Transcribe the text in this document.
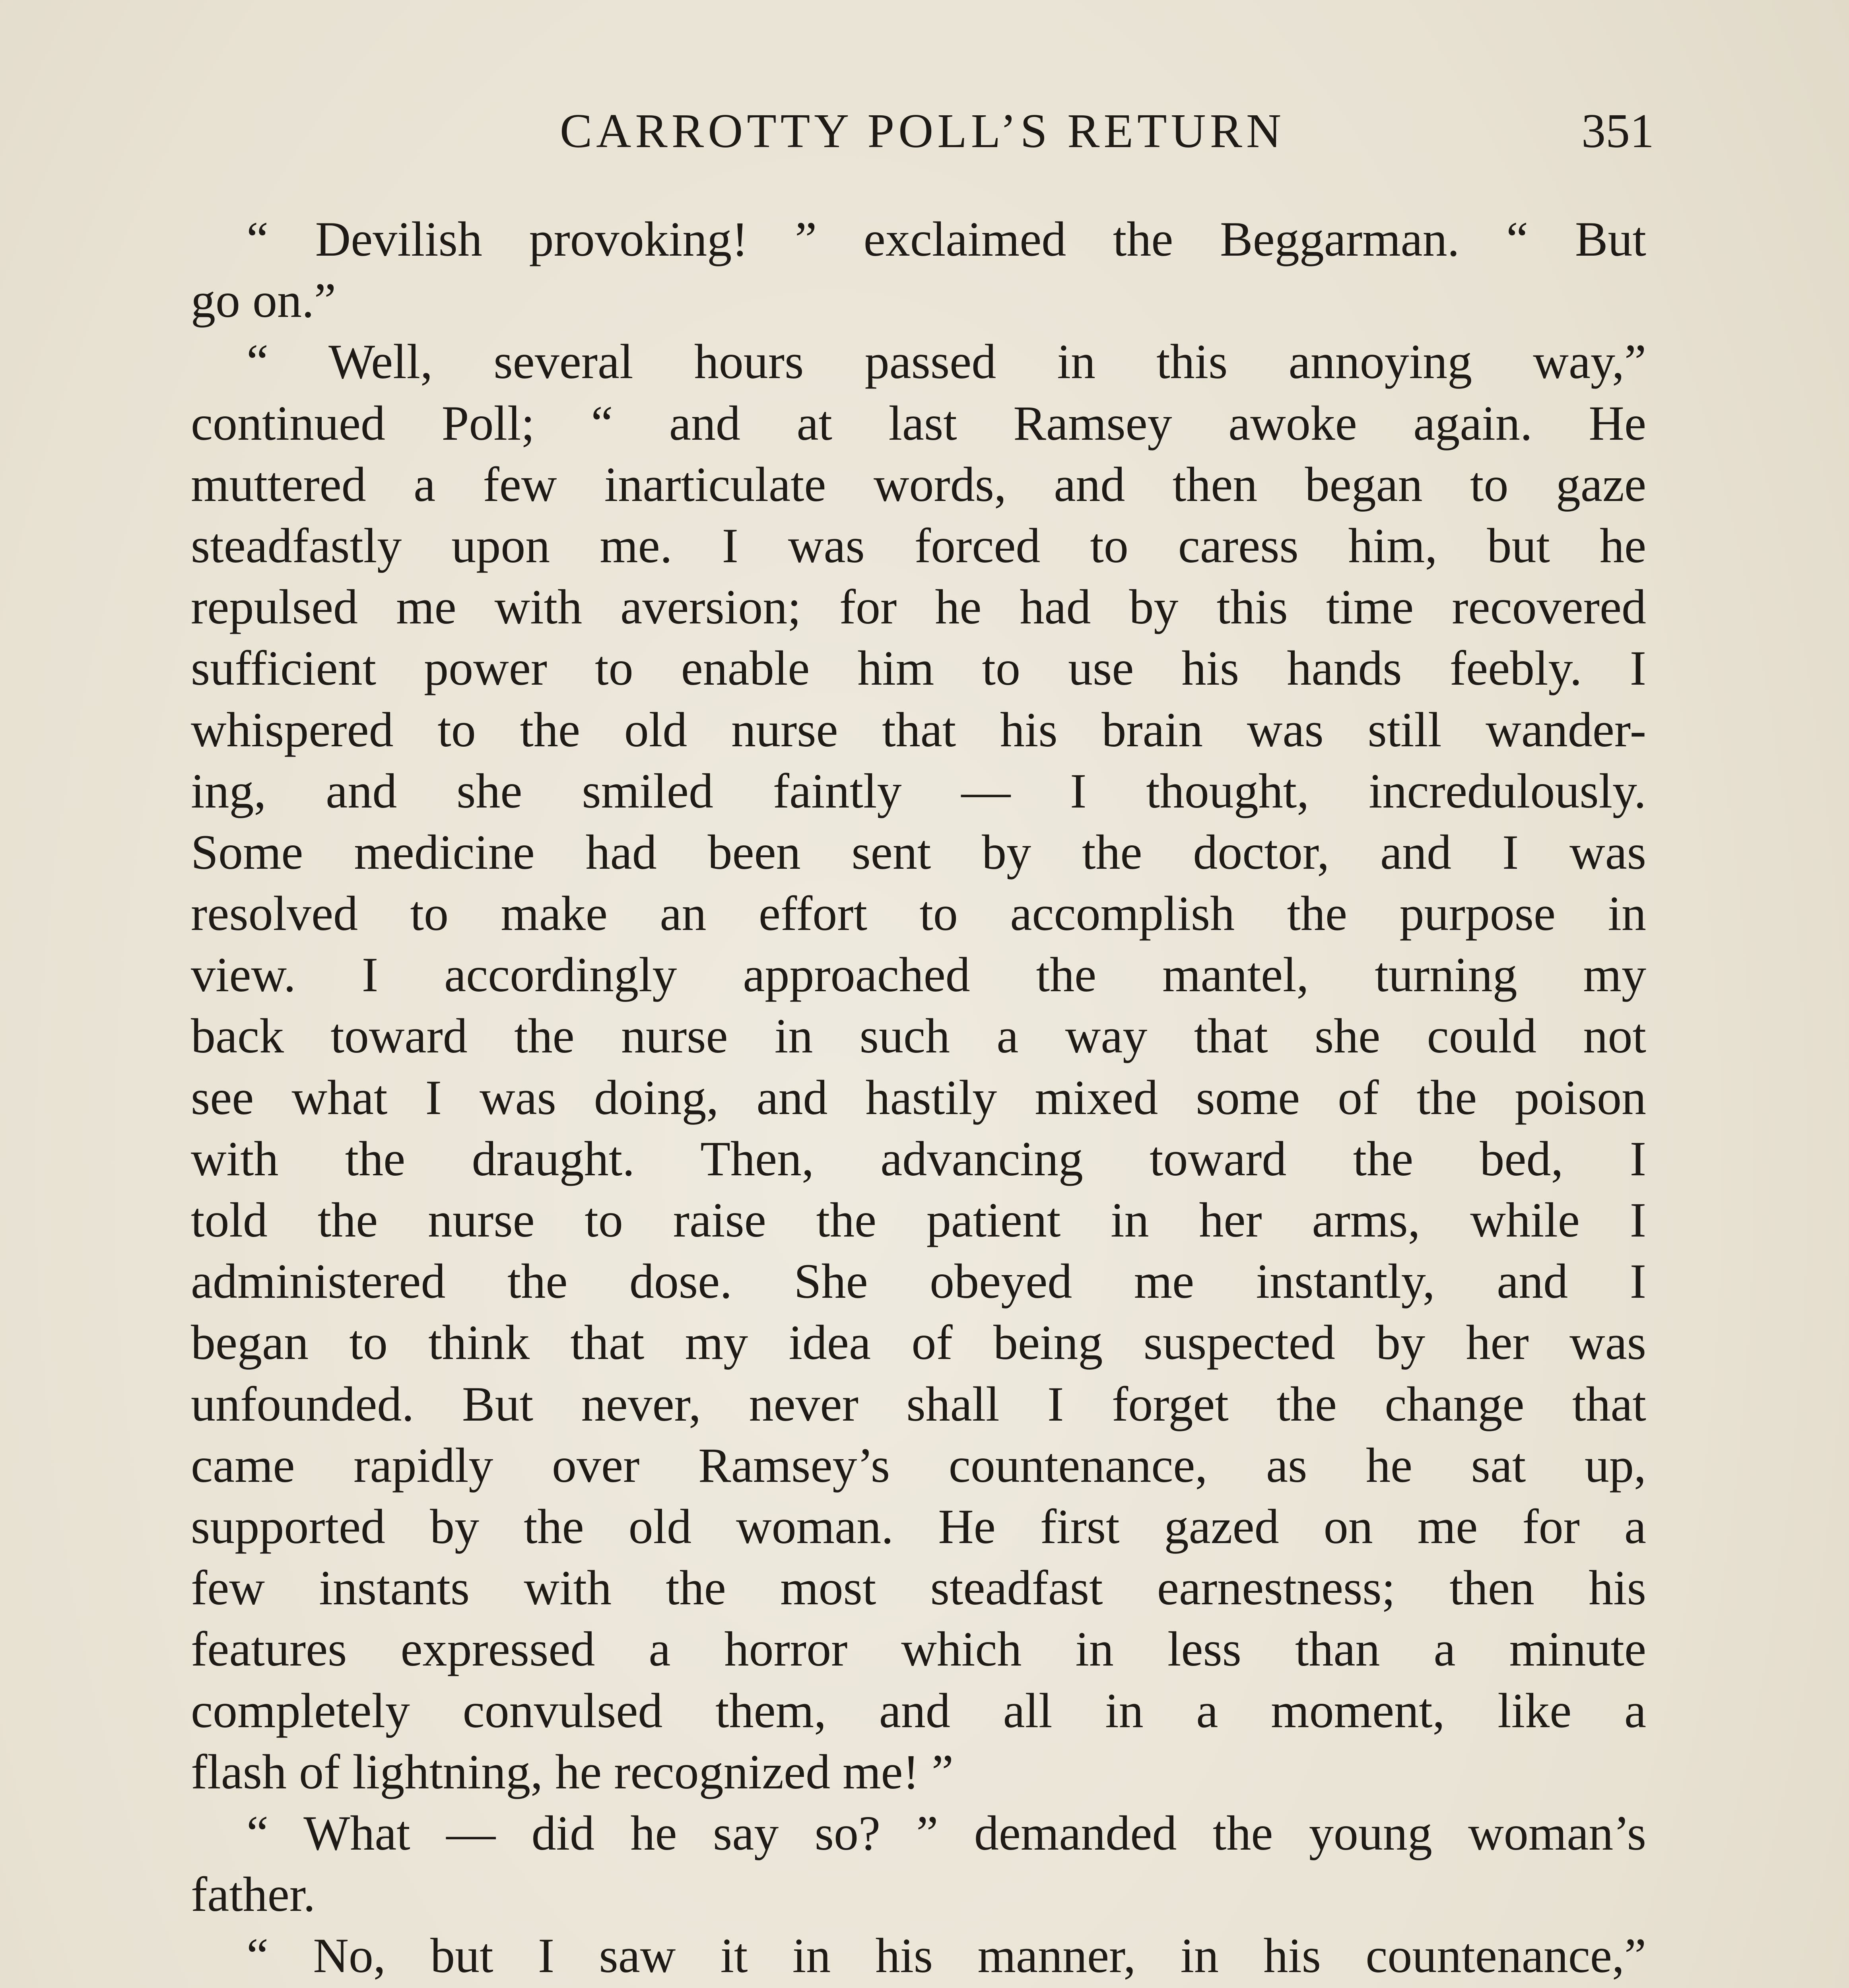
CARROTTY POLL’S RETURN	351
“ Devilish provoking! ” exclaimed the Beggarman. “ But
go on.”
“ Well, several hours passed in this annoying way,”
continued Poll; “ and at last Ramsey awoke again. He
muttered a few inarticulate words, and then began to gaze
steadfastly upon me. I was forced to caress him, but he
repulsed me with aversion; for he had by this time recovered
sufficient power to enable him to use his hands feebly. I
whispered to the old nurse that his brain was still wander-
ing, and she smiled faintly — I thought, incredulously.
Some medicine had been sent by the doctor, and I was
resolved to make an effort to accomplish the purpose in
view. I accordingly approached the mantel, turning my
back toward the nurse in such a way that she could not
see what I was doing, and hastily mixed some of the poison
with the draught. Then, advancing toward the bed, I
told the nurse to raise the patient in her arms, while I
administered the dose. She obeyed me instantly, and I
began to think that my idea of being suspected by her was
unfounded. But never, never shall I forget the change that
came rapidly over Ramsey’s countenance, as he sat up,
supported by the old woman. He first gazed on me for a
few instants with the most steadfast earnestness; then his
features expressed a horror which in less than a minute
completely convulsed them, and all in a moment, like a
flash of lightning, he recognized me! ”
“ What — did he say so? ” demanded the young woman’s
father.
“ No, but I saw it in his manner, in his countenance,”
